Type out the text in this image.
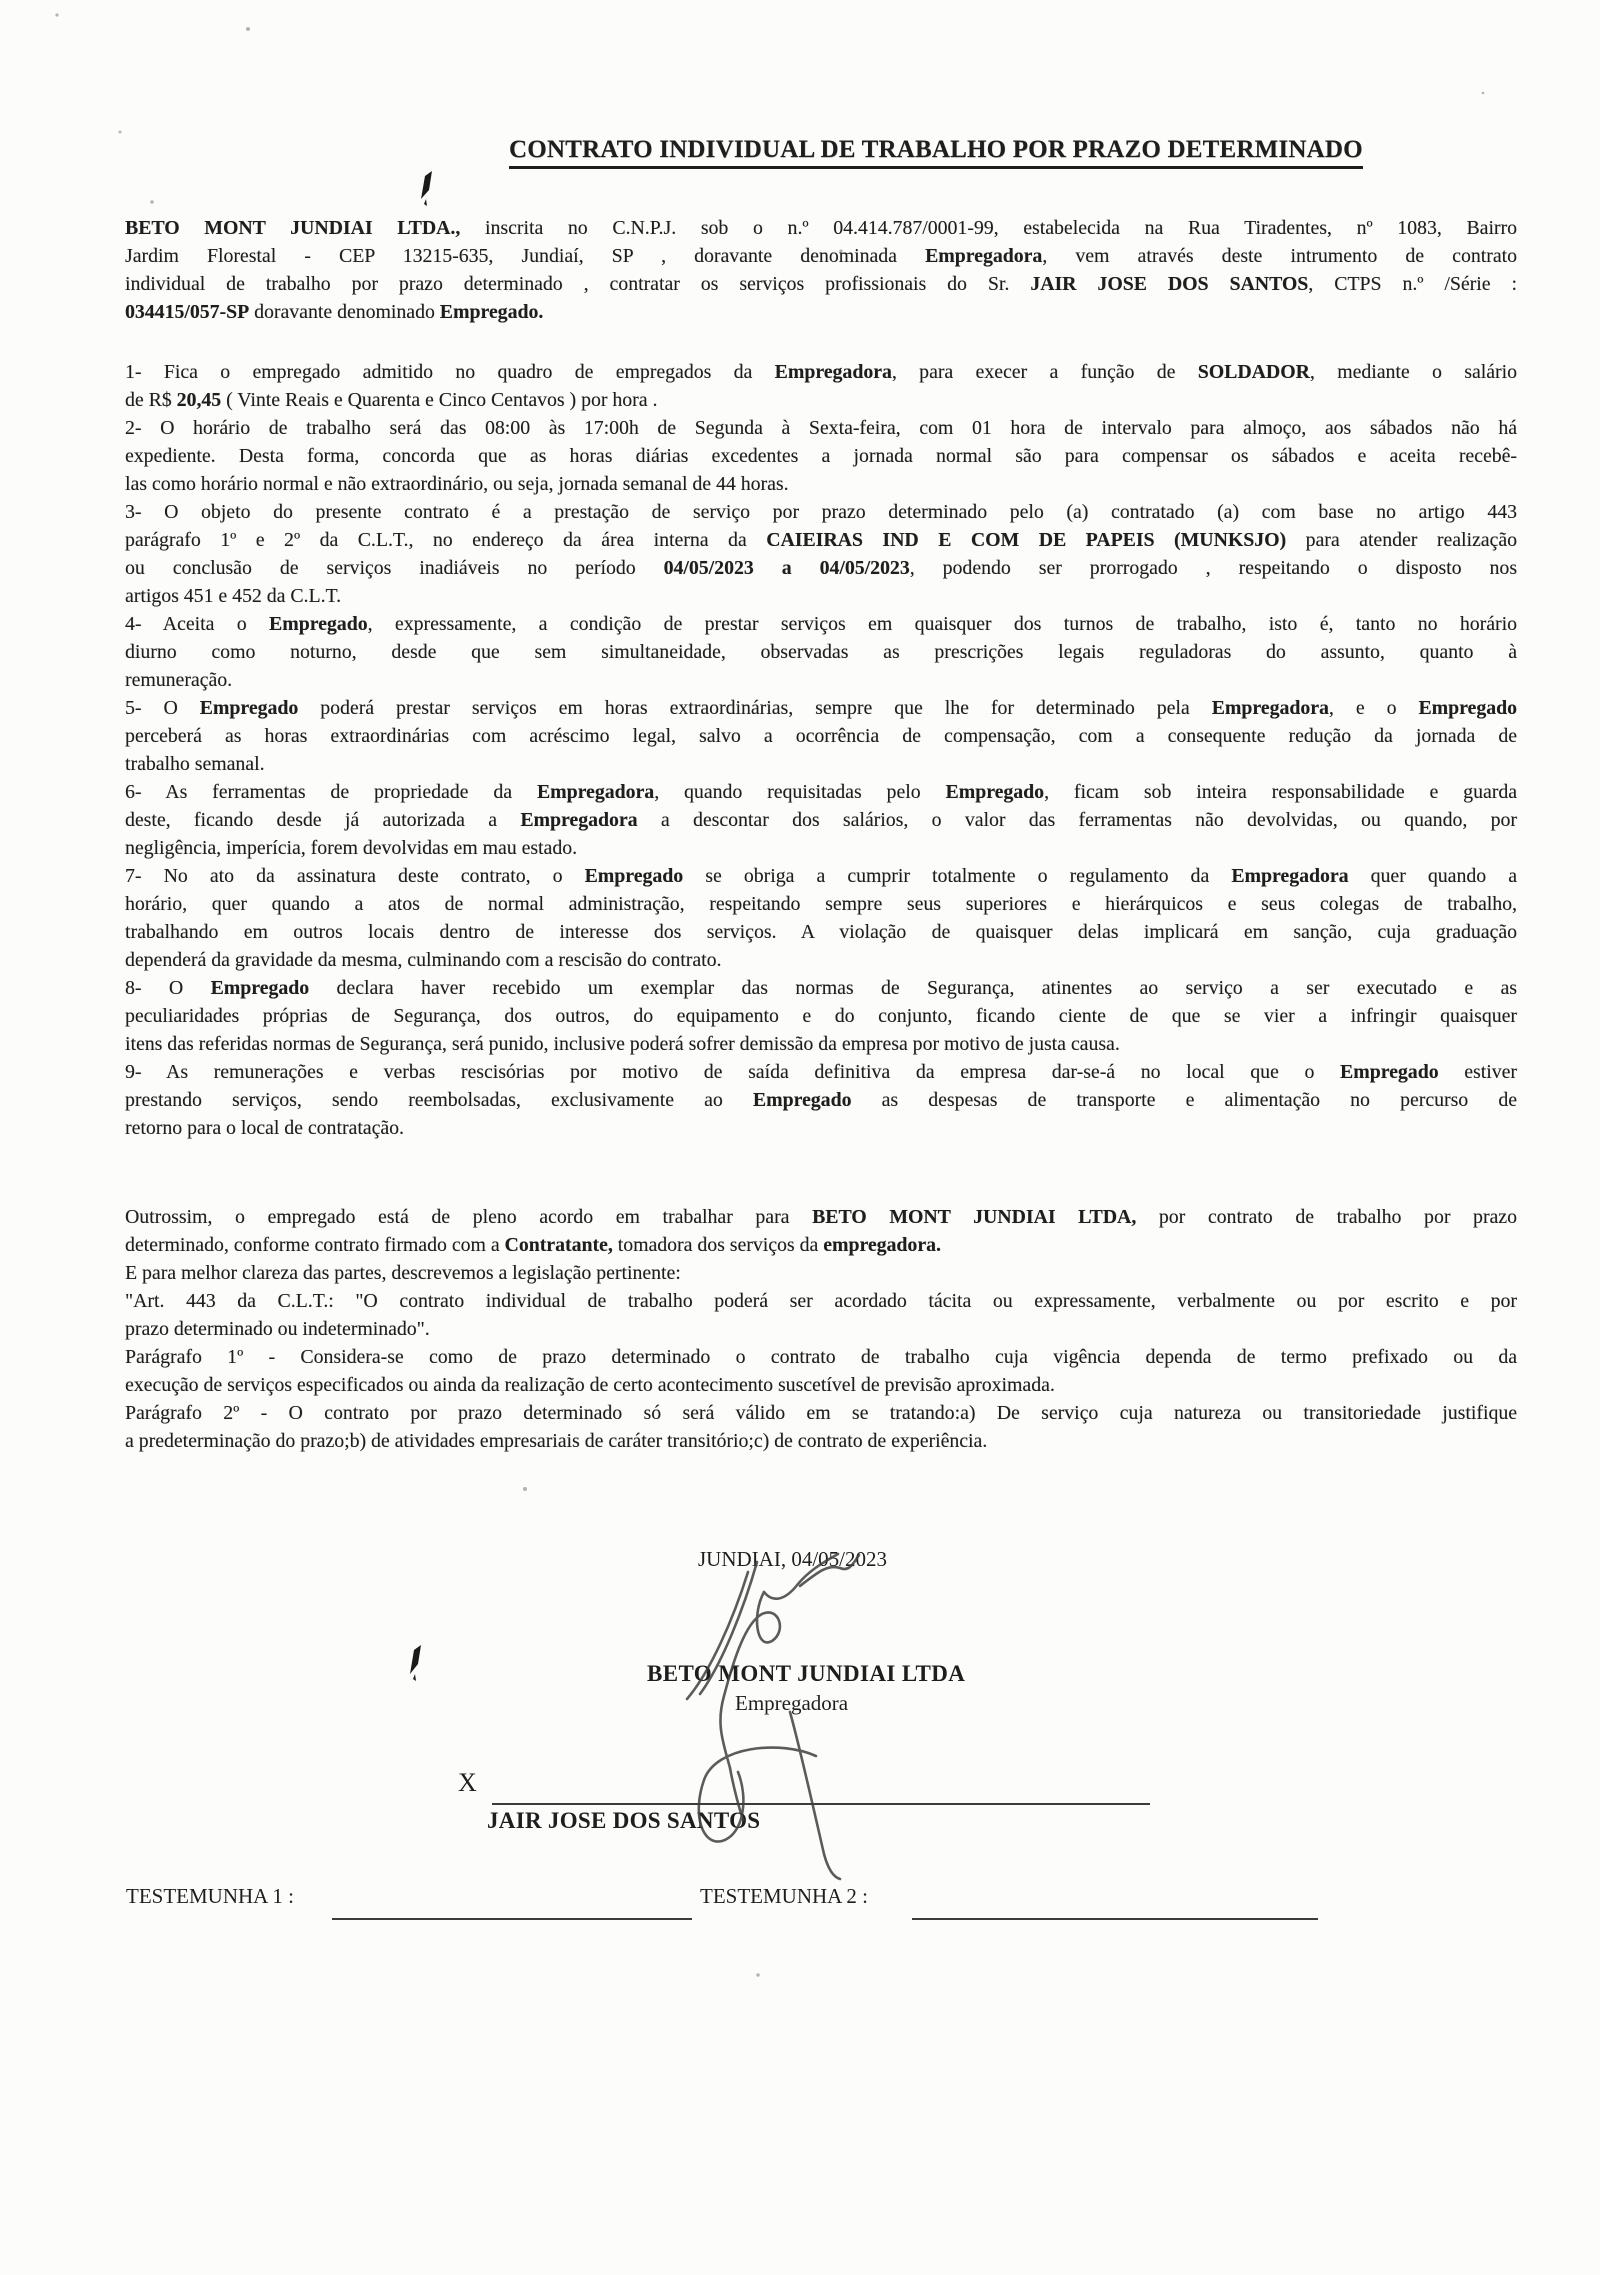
CONTRATO INDIVIDUAL DE TRABALHO POR PRAZO DETERMINADO
BETO MONT JUNDIAI LTDA., inscrita no C.N.P.J. sob o n.º 04.414.787/0001-99, estabelecida na Rua Tiradentes, nº 1083, Bairro
Jardim Florestal - CEP 13215-635, Jundiaí, SP , doravante denominada Empregadora, vem através deste intrumento de contrato
individual de trabalho por prazo determinado , contratar os serviços profissionais do Sr. JAIR JOSE DOS SANTOS, CTPS n.º /Série :
034415/057-SP doravante denominado Empregado.
1- Fica o empregado admitido no quadro de empregados da Empregadora, para execer a função de SOLDADOR, mediante o salário
de R$ 20,45 ( Vinte Reais e Quarenta e Cinco Centavos ) por hora .
2- O horário de trabalho será das 08:00 às 17:00h de Segunda à Sexta-feira, com 01 hora de intervalo para almoço, aos sábados não há
expediente. Desta forma, concorda que as horas diárias excedentes a jornada normal são para compensar os sábados e aceita recebê-
las como horário normal e não extraordinário, ou seja, jornada semanal de 44 horas.
3- O objeto do presente contrato é a prestação de serviço por prazo determinado pelo (a) contratado (a) com base no artigo 443
parágrafo 1º e 2º da C.L.T., no endereço da área interna da CAIEIRAS IND E COM DE PAPEIS (MUNKSJO) para atender realização
ou conclusão de serviços inadiáveis no período 04/05/2023 a 04/05/2023, podendo ser prorrogado , respeitando o disposto nos
artigos 451 e 452 da C.L.T.
4- Aceita o Empregado, expressamente, a condição de prestar serviços em quaisquer dos turnos de trabalho, isto é, tanto no horário
diurno como noturno, desde que sem simultaneidade, observadas as prescrições legais reguladoras do assunto, quanto à
remuneração.
5- O Empregado poderá prestar serviços em horas extraordinárias, sempre que lhe for determinado pela Empregadora, e o Empregado
perceberá as horas extraordinárias com acréscimo legal, salvo a ocorrência de compensação, com a consequente redução da jornada de
trabalho semanal.
6- As ferramentas de propriedade da Empregadora, quando requisitadas pelo Empregado, ficam sob inteira responsabilidade e guarda
deste, ficando desde já autorizada a Empregadora a descontar dos salários, o valor das ferramentas não devolvidas, ou quando, por
negligência, imperícia, forem devolvidas em mau estado.
7- No ato da assinatura deste contrato, o Empregado se obriga a cumprir totalmente o regulamento da Empregadora quer quando a
horário, quer quando a atos de normal administração, respeitando sempre seus superiores e hierárquicos e seus colegas de trabalho,
trabalhando em outros locais dentro de interesse dos serviços. A violação de quaisquer delas implicará em sanção, cuja graduação
dependerá da gravidade da mesma, culminando com a rescisão do contrato.
8- O Empregado declara haver recebido um exemplar das normas de Segurança, atinentes ao serviço a ser executado e as
peculiaridades próprias de Segurança, dos outros, do equipamento e do conjunto, ficando ciente de que se vier a infringir quaisquer
itens das referidas normas de Segurança, será punido, inclusive poderá sofrer demissão da empresa por motivo de justa causa.
9- As remunerações e verbas rescisórias por motivo de saída definitiva da empresa dar-se-á no local que o Empregado estiver
prestando serviços, sendo reembolsadas, exclusivamente ao Empregado as despesas de transporte e alimentação no percurso de
retorno para o local de contratação.
Outrossim, o empregado está de pleno acordo em trabalhar para BETO MONT JUNDIAI LTDA, por contrato de trabalho por prazo
determinado, conforme contrato firmado com a Contratante, tomadora dos serviços da empregadora.
E para melhor clareza das partes, descrevemos a legislação pertinente:
"Art. 443 da C.L.T.: "O contrato individual de trabalho poderá ser acordado tácita ou expressamente, verbalmente ou por escrito e por
prazo determinado ou indeterminado".
Parágrafo 1º - Considera-se como de prazo determinado o contrato de trabalho cuja vigência dependa de termo prefixado ou da
execução de serviços especificados ou ainda da realização de certo acontecimento suscetível de previsão aproximada.
Parágrafo 2º - O contrato por prazo determinado só será válido em se tratando:a) De serviço cuja natureza ou transitoriedade justifique
a predeterminação do prazo;b) de atividades empresariais de caráter transitório;c) de contrato de experiência.
JUNDIAI, 04/05/2023
BETO MONT JUNDIAI LTDA
Empregadora
X
JAIR JOSE DOS SANTOS
TESTEMUNHA 1 :	TESTEMUNHA 2 :
